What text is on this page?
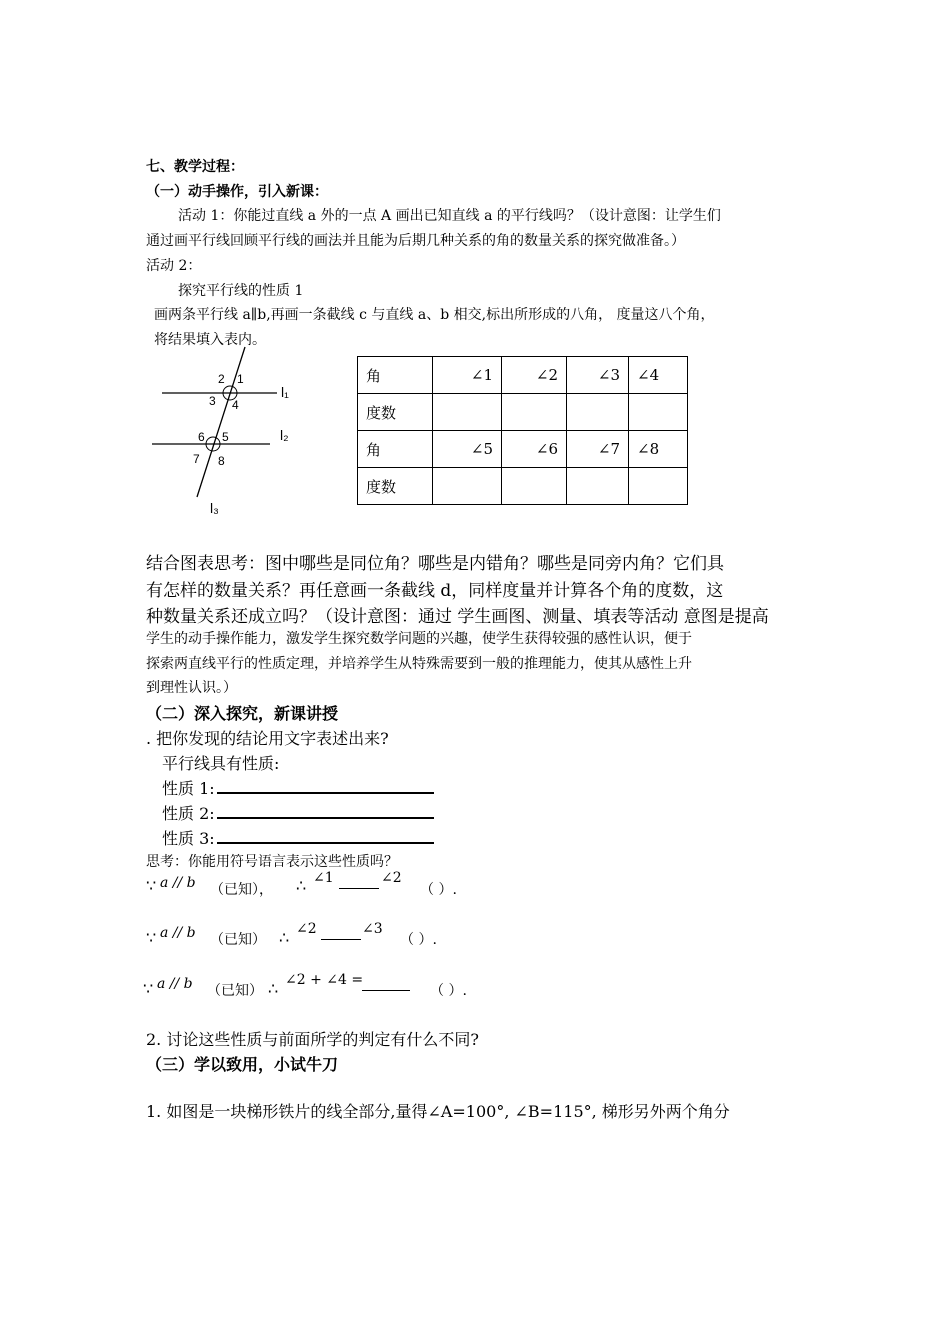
七、教学过程：
（一）动手操作，引入新课：
活动 1：你能过直线 a 外的一点 A 画出已知直线 a 的平行线吗？（设计意图：让学生们
通过画平行线回顾平行线的画法并且能为后期几种关系的角的数量关系的探究做准备。）
活动 2：
探究平行线的性质 1
画两条平行线 a∥b,再画一条截线 c 与直线 a、b 相交,标出所形成的八角， 度量这八个角，
将结果填入表内。
2 1
3 4
5
6
7 8
l₁
l₂
l₃
角	∠1	∠2	∠3	∠4
度数				
角	∠5	∠6	∠7	∠8
度数				
结合图表思考：图中哪些是同位角？哪些是内错角？哪些是同旁内角？它们具
有怎样的数量关系？再任意画一条截线 d，同样度量并计算各个角的度数，这
种数量关系还成立吗？（设计意图：通过 学生画图、测量、填表等活动 意图是提高
学生的动手操作能力，激发学生探究数学问题的兴趣，使学生获得较强的感性认识，便于
探索两直线平行的性质定理，并培养学生从特殊需要到一般的推理能力，使其从感性上升
到理性认识。）
（二）深入探究，新课讲授
. 把你发现的结论用文字表述出来?
平行线具有性质:
性质 1:
性质 2:
性质 3:
思考：你能用符号语言表示这些性质吗？
∵ a // b （已知）， ∴ ∠1	∠2
（ ）.
∵ a // b （已知） ∴ ∠2	∠3
（ ）.
∵ a // b （已知） ∴ ∠2 + ∠4 =
（ ）.
2. 讨论这些性质与前面所学的判定有什么不同?
（三）学以致用，小试牛刀
1. 如图是一块梯形铁片的线全部分,量得∠A=100°, ∠B=115°, 梯形另外两个角分
